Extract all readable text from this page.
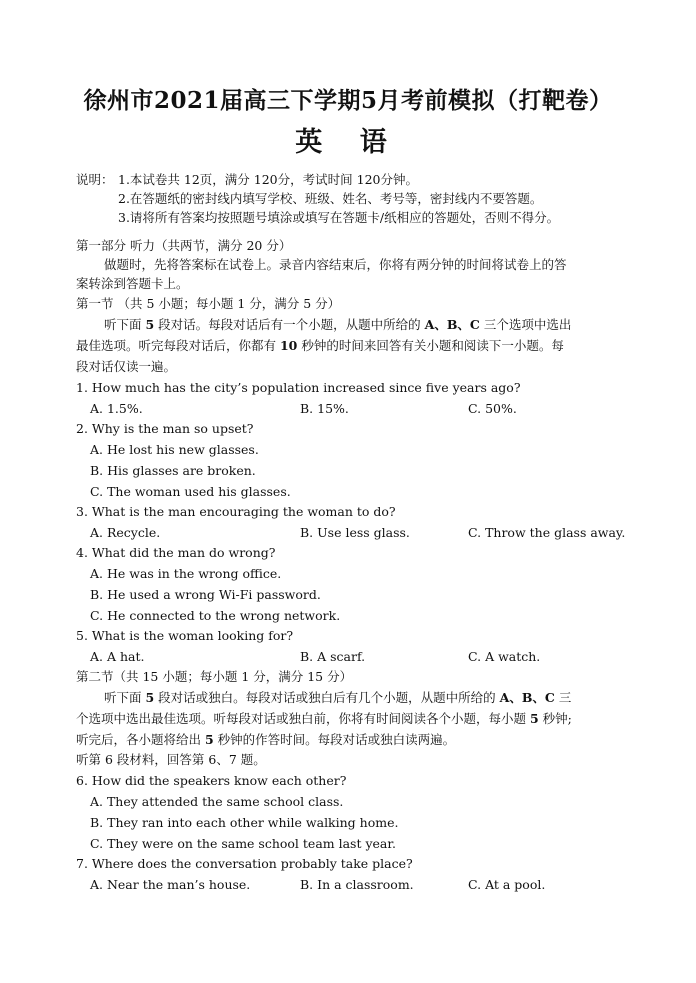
徐州市2021届高三下学期5月考前模拟（打靶卷）
英 语
说明： 1.本试卷共 12页，满分 120分，考试时间 120分钟。
2.在答题纸的密封线内填写学校、班级、姓名、考号等，密封线内不要答题。
3.请将所有答案均按照题号填涂或填写在答题卡/纸相应的答题处，否则不得分。
第一部分 听力（共两节，满分 20 分）
做题时，先将答案标在试卷上。录音内容结束后，你将有两分钟的时间将试卷上的答
案转涂到答题卡上。
第一节 （共 5 小题；每小题 1 分，满分 5 分）
听下面 5 段对话。每段对话后有一个小题，从题中所给的 A、B、C 三个选项中选出
最佳选项。听完每段对话后，你都有 10 秒钟的时间来回答有关小题和阅读下一小题。每
段对话仅读一遍。
1. How much has the city’s population increased since five years ago?
A. 1.5%.	B. 15%.	C. 50%.
2. Why is the man so upset?
A. He lost his new glasses.
B. His glasses are broken.
C. The woman used his glasses.
3. What is the man encouraging the woman to do?
A. Recycle.	B. Use less glass.	C. Throw the glass away.
4. What did the man do wrong?
A. He was in the wrong office.
B. He used a wrong Wi-Fi password.
C. He connected to the wrong network.
5. What is the woman looking for?
A. A hat.	B. A scarf.	C. A watch.
第二节（共 15 小题；每小题 1 分，满分 15 分）
听下面 5 段对话或独白。每段对话或独白后有几个小题，从题中所给的 A、B、C 三
个选项中选出最佳选项。听每段对话或独白前，你将有时间阅读各个小题，每小题 5 秒钟;
听完后，各小题将给出 5 秒钟的作答时间。每段对话或独白读两遍。
听第 6 段材料，回答第 6、7 题。
6. How did the speakers know each other?
A. They attended the same school class.
B. They ran into each other while walking home.
C. They were on the same school team last year.
7. Where does the conversation probably take place?
A. Near the man’s house.	B. In a classroom.	C. At a pool.
